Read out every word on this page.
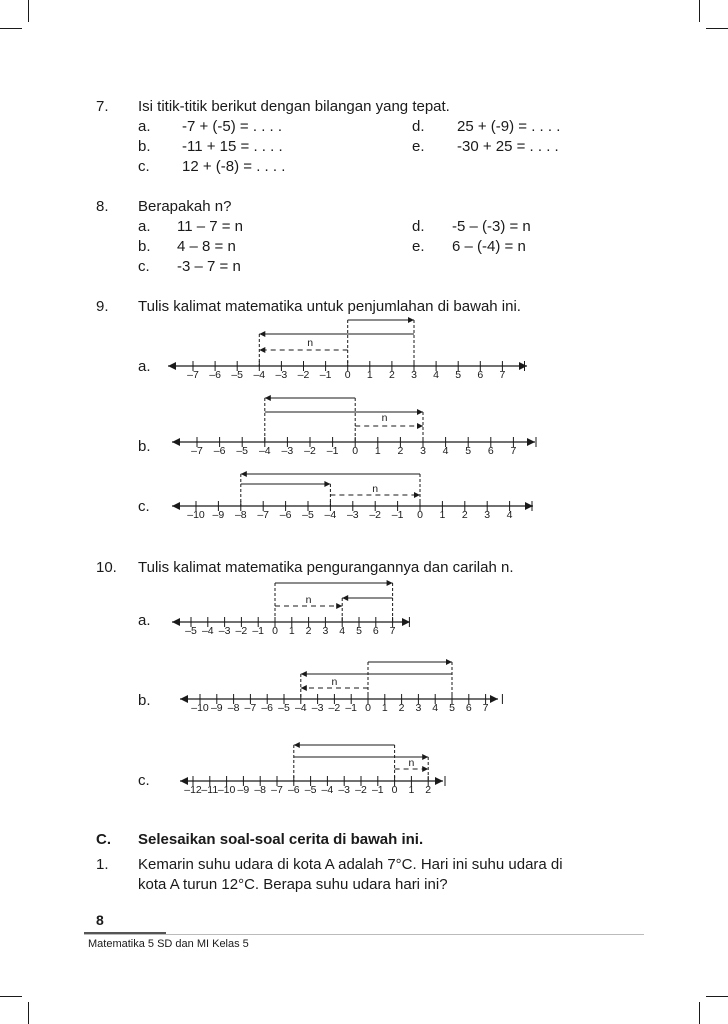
7. Isi titik-titik berikut dengan bilangan yang tepat.
a. -7 + (-5) = . . . .
b. -11 + 15 = . . . .
c. 12 + (-8) = . . . .
d. 25 + (-9) = . . . .
e. -30 + 25 = . . . .
8. Berapakah n?
a. 11 – 7 = n
b. 4 – 8 = n
c. -3 – 7 = n
d. -5 – (-3) = n
e. 6 – (-4) = n
9. Tulis kalimat matematika untuk penjumlahan di bawah ini.
a.
b.
c.
–7 –6 –5 –4 –3 –2 –1 0 1 2 3 4 5 6 7
n
–7 –6 –5 –4 –3 –2 –1 0 1 2 3 4 5 6 7
n
–10 –9 –8 –7 –6 –5 –4 –3 –2 –1 0 1 2 3 4
n
10. Tulis kalimat matematika pengurangannya dan carilah n.
a.
b.
c.
–5 –4 –3 –2 –1 0 1 2 3 4 5 6 7
n
–10 –9 –8 –7 –6 –5 –4 –3 –2 –1 0 1 2 3 4 5 6 7
n
–12 –11 –10 –9 –8 –7 –6 –5 –4 –3 –2 –1 0 1 2
n
C. Selesaikan soal-soal cerita di bawah ini.
1. Kemarin suhu udara di kota A adalah 7°C. Hari ini suhu udara di
kota A turun 12°C. Berapa suhu udara hari ini?
8
Matematika 5 SD dan MI Kelas 5
